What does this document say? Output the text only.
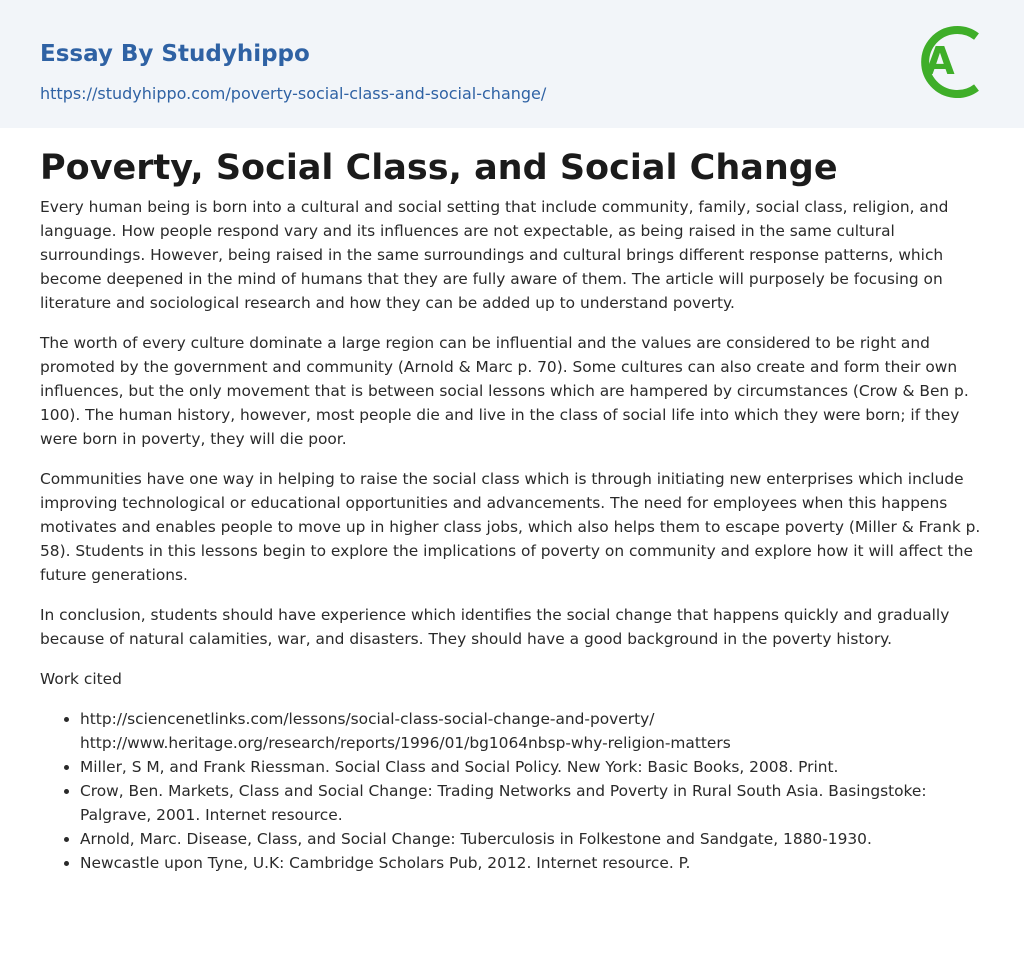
Essay By Studyhippo
https://studyhippo.com/poverty-social-class-and-social-change/
A
Poverty, Social Class, and Social Change

Every human being is born into a cultural and social setting that include community, family, social class, religion, and language. How people respond vary and its influences are not expectable, as being raised in the same cultural surroundings. However, being raised in the same surroundings and cultural brings different response patterns, which become deepened in the mind of humans that they are fully aware of them. The article will purposely be focusing on literature and sociological research and how they can be added up to understand poverty.

The worth of every culture dominate a large region can be influential and the values are considered to be right and promoted by the government and community (Arnold & Marc p. 70). Some cultures can also create and form their own influences, but the only movement that is between social lessons which are hampered by circumstances (Crow & Ben p. 100). The human history, however, most people die and live in the class of social life into which they were born; if they were born in poverty, they will die poor.

Communities have one way in helping to raise the social class which is through initiating new enterprises which include improving technological or educational opportunities and advancements. The need for employees when this happens motivates and enables people to move up in higher class jobs, which also helps them to escape poverty (Miller & Frank p. 58). Students in this lessons begin to explore the implications of poverty on community and explore how it will affect the future generations.

In conclusion, students should have experience which identifies the social change that happens quickly and gradually because of natural calamities, war, and disasters. They should have a good background in the poverty history.

Work cited

• http://sciencenetlinks.com/lessons/social-class-social-change-and-poverty/ http://www.heritage.org/research/reports/1996/01/bg1064nbsp-why-religion-matters
• Miller, S M, and Frank Riessman. Social Class and Social Policy. New York: Basic Books, 2008. Print.
• Crow, Ben. Markets, Class and Social Change: Trading Networks and Poverty in Rural South Asia. Basingstoke: Palgrave, 2001. Internet resource.
• Arnold, Marc. Disease, Class, and Social Change: Tuberculosis in Folkestone and Sandgate, 1880-1930.
• Newcastle upon Tyne, U.K: Cambridge Scholars Pub, 2012. Internet resource. P.
